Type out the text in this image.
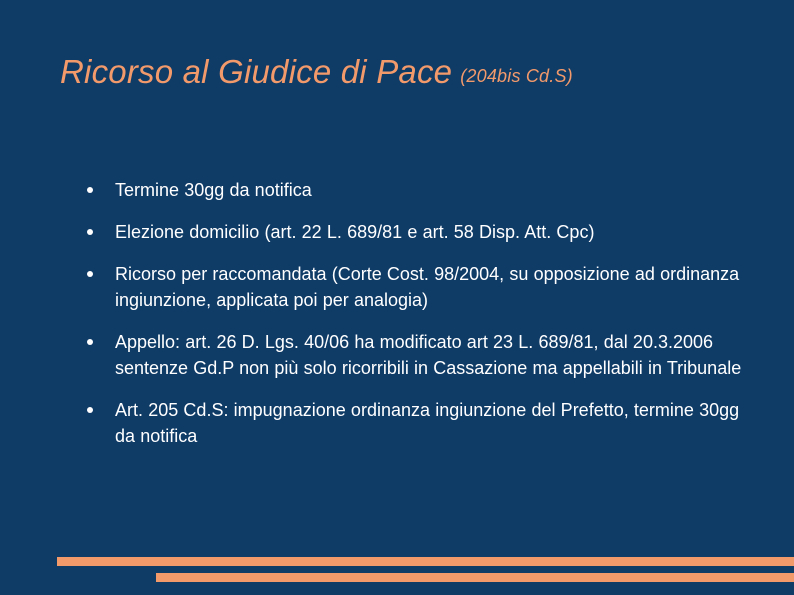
Ricorso al Giudice di Pace (204bis Cd.S)
Termine 30gg da notifica
Elezione domicilio (art. 22 L. 689/81 e art. 58 Disp. Att. Cpc)
Ricorso per raccomandata (Corte Cost. 98/2004, su opposizione ad ordinanza ingiunzione, applicata poi per analogia)
Appello: art. 26 D. Lgs. 40/06 ha modificato art 23 L. 689/81, dal 20.3.2006 sentenze Gd.P non più solo ricorribili in Cassazione ma appellabili in Tribunale
Art. 205 Cd.S: impugnazione ordinanza ingiunzione del Prefetto, termine 30gg da notifica
